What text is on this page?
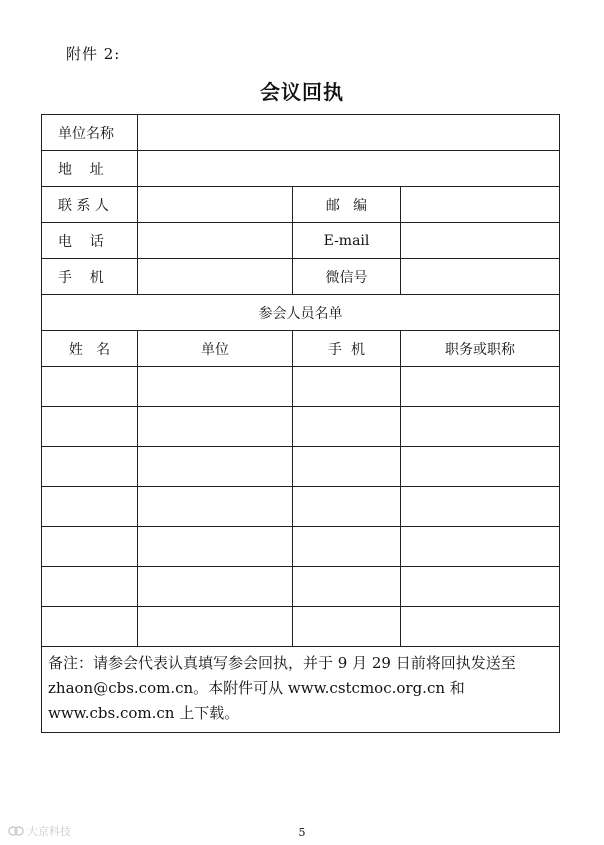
附件 2:
会议回执
单位名称			
地    址			
联 系 人		邮   编	
电    话		E-mail	
手    机		微信号	
参会人员名单			
姓   名	单位	手  机	职务或职称

备注：请参会代表认真填写参会回执，并于 9 月 29 日前将回执发送至 zhaon@cbs.com.cn。本附件可从 www.cstcmoc.org.cn 和www.cbs.com.cn 上下载。			
大京科技	5
